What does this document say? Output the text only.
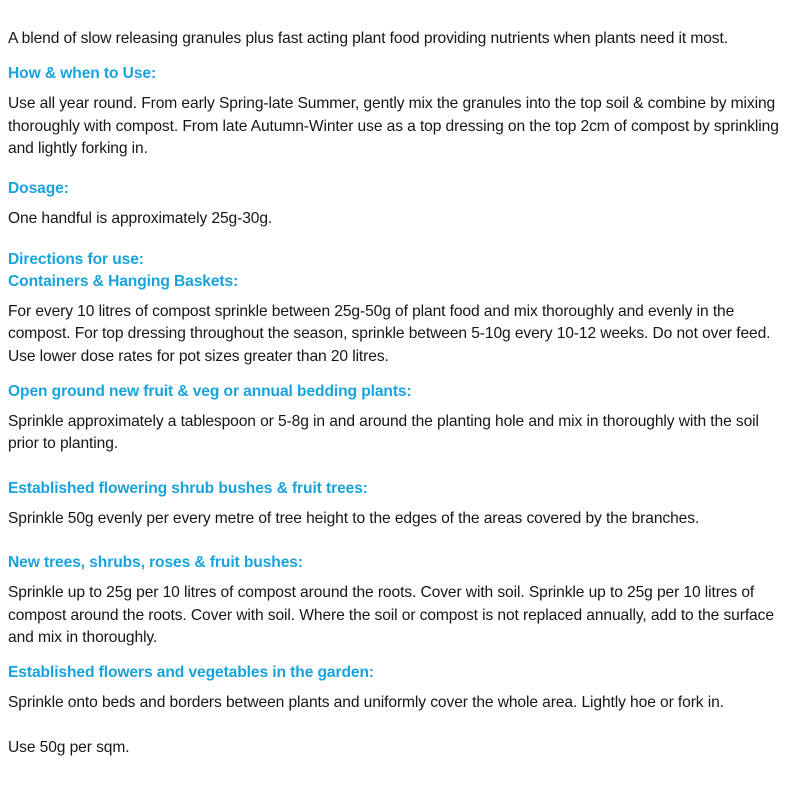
A blend of slow releasing granules plus fast acting plant food providing nutrients when plants need it most.

How & when to Use:

Use all year round. From early Spring-late Summer, gently mix the granules into the top soil & combine by mixing thoroughly with compost. From late Autumn-Winter use as a top dressing on the top 2cm of compost by sprinkling and lightly forking in.

Dosage:

One handful is approximately 25g-30g.

Directions for use:

Containers & Hanging Baskets:

For every 10 litres of compost sprinkle between 25g-50g of plant food and mix thoroughly and evenly in the compost. For top dressing throughout the season, sprinkle between 5-10g every 10-12 weeks. Do not over feed. Use lower dose rates for pot sizes greater than 20 litres.

Open ground new fruit & veg or annual bedding plants:

Sprinkle approximately a tablespoon or 5-8g in and around the planting hole and mix in thoroughly with the soil prior to planting.

Established flowering shrub bushes & fruit trees:

Sprinkle 50g evenly per every metre of tree height to the edges of the areas covered by the branches.

New trees, shrubs, roses & fruit bushes:

Sprinkle up to 25g per 10 litres of compost around the roots. Cover with soil. Sprinkle up to 25g per 10 litres of compost around the roots. Cover with soil. Where the soil or compost is not replaced annually, add to the surface and mix in thoroughly.

Established flowers and vegetables in the garden:

Sprinkle onto beds and borders between plants and uniformly cover the whole area. Lightly hoe or fork in.

Use 50g per sqm.
